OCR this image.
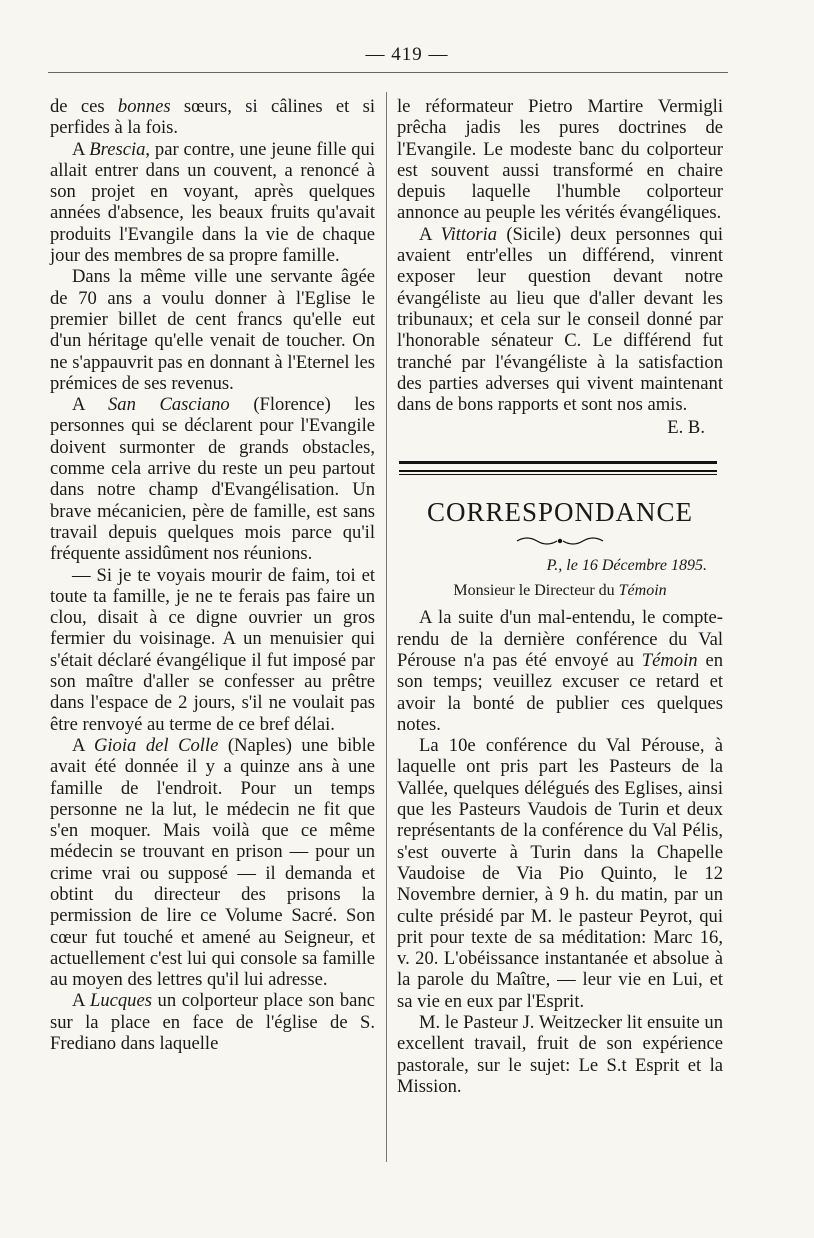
— 419 —

de ces bonnes sœurs, si câlines et si perfides à la fois.

A Brescia, par contre, une jeune fille qui allait entrer dans un couvent, a renoncé à son projet en voyant, après quelques années d'absence, les beaux fruits qu'avait produits l'Evangile dans la vie de chaque jour des membres de sa propre famille.

Dans la même ville une servante âgée de 70 ans a voulu donner à l'Eglise le premier billet de cent francs qu'elle eut d'un héritage qu'elle venait de toucher. On ne s'appauvrit pas en donnant à l'Eternel les prémices de ses revenus.

A San Casciano (Florence) les personnes qui se déclarent pour l'Evangile doivent surmonter de grands obstacles, comme cela arrive du reste un peu partout dans notre champ d'Evangélisation. Un brave mécanicien, père de famille, est sans travail depuis quelques mois parce qu'il fréquente assidûment nos réunions.

— Si je te voyais mourir de faim, toi et toute ta famille, je ne te ferais pas faire un clou, disait à ce digne ouvrier un gros fermier du voisinage. A un menuisier qui s'était déclaré évangélique il fut imposé par son maître d'aller se confesser au prêtre dans l'espace de 2 jours, s'il ne voulait pas être renvoyé au terme de ce bref délai.

A Gioia del Colle (Naples) une bible avait été donnée il y a quinze ans à une famille de l'endroit. Pour un temps personne ne la lut, le médecin ne fit que s'en moquer. Mais voilà que ce même médecin se trouvant en prison — pour un crime vrai ou supposé — il demanda et obtint du directeur des prisons la permission de lire ce Volume Sacré. Son cœur fut touché et amené au Seigneur, et actuellement c'est lui qui console sa famille au moyen des lettres qu'il lui adresse.

A Lucques un colporteur place son banc sur la place en face de l'église de S. Frediano dans laquelle

le réformateur Pietro Martire Vermigli prêcha jadis les pures doctrines de l'Evangile. Le modeste banc du colporteur est souvent aussi transformé en chaire depuis laquelle l'humble colporteur annonce au peuple les vérités évangéliques.

A Vittoria (Sicile) deux personnes qui avaient entr'elles un différend, vinrent exposer leur question devant notre évangéliste au lieu que d'aller devant les tribunaux; et cela sur le conseil donné par l'honorable sénateur C. Le différend fut tranché par l'évangéliste à la satisfaction des parties adverses qui vivent maintenant dans de bons rapports et sont nos amis.

E. B.

CORRESPONDANCE
P., le 16 Décembre 1895.
Monsieur le Directeur du Témoin

A la suite d'un mal-entendu, le compte-rendu de la dernière conférence du Val Pérouse n'a pas été envoyé au Témoin en son temps; veuillez excuser ce retard et avoir la bonté de publier ces quelques notes.

La 10e conférence du Val Pérouse, à laquelle ont pris part les Pasteurs de la Vallée, quelques délégués des Eglises, ainsi que les Pasteurs Vaudois de Turin et deux représentants de la conférence du Val Pélis, s'est ouverte à Turin dans la Chapelle Vaudoise de Via Pio Quinto, le 12 Novembre dernier, à 9 h. du matin, par un culte présidé par M. le pasteur Peyrot, qui prit pour texte de sa méditation: Marc 16, v. 20. L'obéissance instantanée et absolue à la parole du Maître, — leur vie en Lui, et sa vie en eux par l'Esprit.

M. le Pasteur J. Weitzecker lit ensuite un excellent travail, fruit de son expérience pastorale, sur le sujet: Le S.t Esprit et la Mission.
